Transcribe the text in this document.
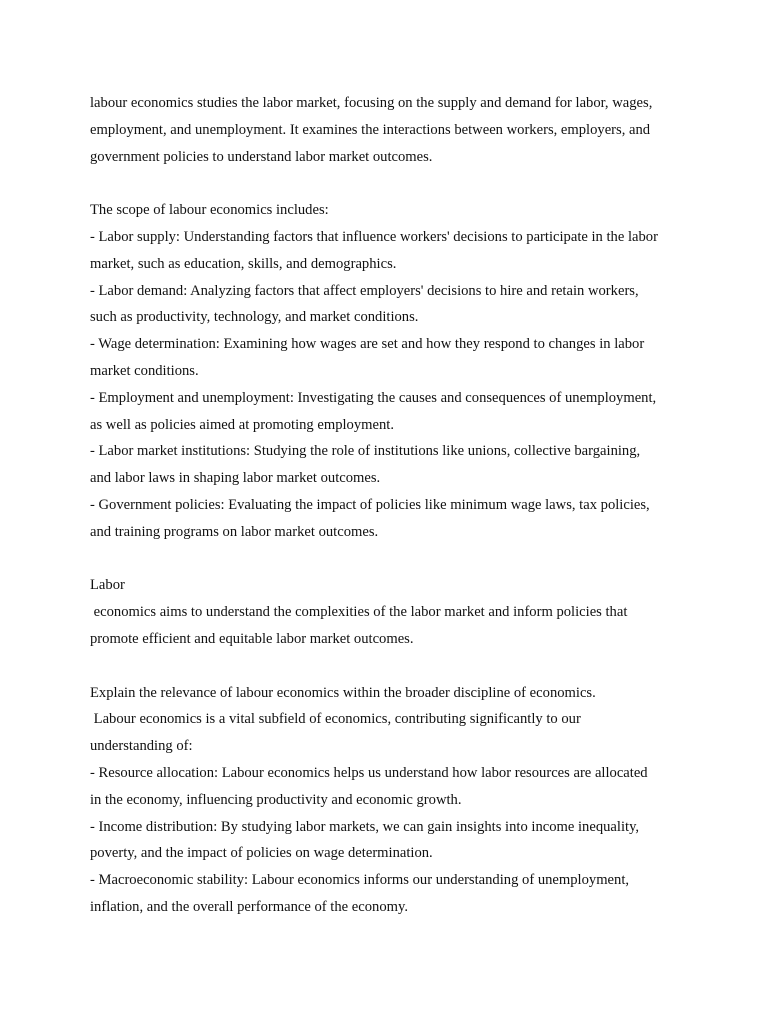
labour economics studies the labor market, focusing on the supply and demand for labor, wages,
employment, and unemployment. It examines the interactions between workers, employers, and
government policies to understand labor market outcomes.
The scope of labour economics includes:
- Labor supply: Understanding factors that influence workers' decisions to participate in the labor
market, such as education, skills, and demographics.
- Labor demand: Analyzing factors that affect employers' decisions to hire and retain workers,
such as productivity, technology, and market conditions.
- Wage determination: Examining how wages are set and how they respond to changes in labor
market conditions.
- Employment and unemployment: Investigating the causes and consequences of unemployment,
as well as policies aimed at promoting employment.
- Labor market institutions: Studying the role of institutions like unions, collective bargaining,
and labor laws in shaping labor market outcomes.
- Government policies: Evaluating the impact of policies like minimum wage laws, tax policies,
and training programs on labor market outcomes.
Labor
economics aims to understand the complexities of the labor market and inform policies that
promote efficient and equitable labor market outcomes.
Explain the relevance of labour economics within the broader discipline of economics.
Labour economics is a vital subfield of economics, contributing significantly to our
understanding of:
- Resource allocation: Labour economics helps us understand how labor resources are allocated
in the economy, influencing productivity and economic growth.
- Income distribution: By studying labor markets, we can gain insights into income inequality,
poverty, and the impact of policies on wage determination.
- Macroeconomic stability: Labour economics informs our understanding of unemployment,
inflation, and the overall performance of the economy.
